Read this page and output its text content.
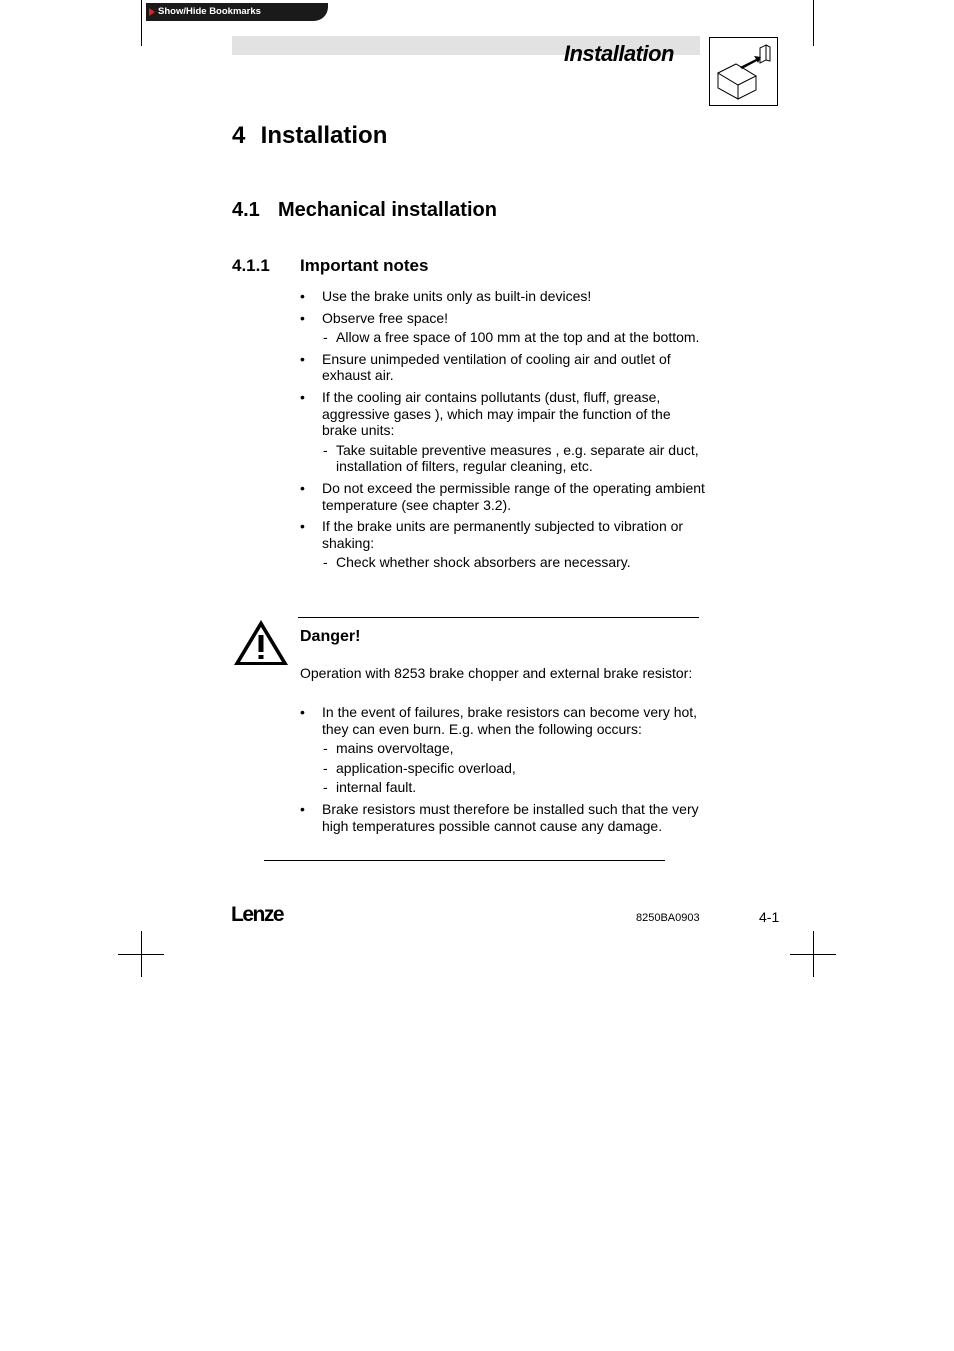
Show/Hide Bookmarks
Installation
4 Installation
4.1 Mechanical installation
4.1.1 Important notes
• Use the brake units only as built-in devices!
• Observe free space!
- Allow a free space of 100 mm at the top and at the bottom.
• Ensure unimpeded ventilation of cooling air and outlet of exhaust air.
• If the cooling air contains pollutants (dust, fluff, grease, aggressive gases ), which may impair the function of the brake units:
- Take suitable preventive measures , e.g. separate air duct, installation of filters, regular cleaning, etc.
• Do not exceed the permissible range of the operating ambient temperature (see chapter 3.2).
• If the brake units are permanently subjected to vibration or shaking:
- Check whether shock absorbers are necessary.
Danger!
Operation with 8253 brake chopper and external brake resistor:
• In the event of failures, brake resistors can become very hot, they can even burn. E.g. when the following occurs:
- mains overvoltage,
- application-specific overload,
- internal fault.
• Brake resistors must therefore be installed such that the very high temperatures possible cannot cause any damage.
Lenze	8250BA0903	4-1
